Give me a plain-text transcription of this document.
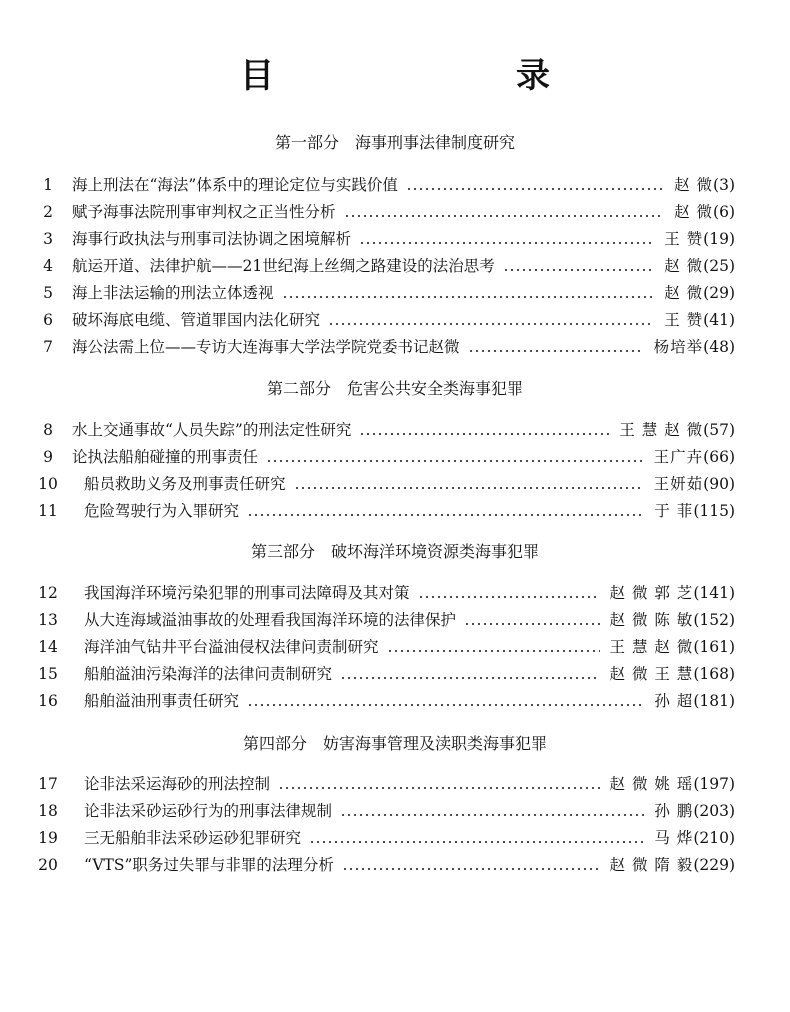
目　　录
第一部分 海事刑事法律制度研究
1	海上刑法在“海法”体系中的理论定位与实践价值	赵 微 (3)
2	赋予海事法院刑事审判权之正当性分析	赵 微 (6)
3	海事行政执法与刑事司法协调之困境解析	王 赞 (19)
4	航运开道、法律护航——21世纪海上丝绸之路建设的法治思考	赵 微 (25)
5	海上非法运输的刑法立体透视	赵 微 (29)
6	破坏海底电缆、管道罪国内法化研究	王 赞 (41)
7	海公法需上位——专访大连海事大学法学院党委书记赵微	杨培举 (48)
第二部分 危害公共安全类海事犯罪
8	水上交通事故“人员失踪”的刑法定性研究	王 慧 赵 微 (57)
9	论执法船舶碰撞的刑事责任	王广卉 (66)
10 船员救助义务及刑事责任研究	王妍茹 (90)
11 危险驾驶行为入罪研究	于 菲 (115)
第三部分 破坏海洋环境资源类海事犯罪
12 我国海洋环境污染犯罪的刑事司法障碍及其对策	赵 微 郭 芝 (141)
13 从大连海域溢油事故的处理看我国海洋环境的法律保护	赵 微 陈 敏 (152)
14 海洋油气钻井平台溢油侵权法律问责制研究	王 慧 赵 微 (161)
15 船舶溢油污染海洋的法律问责制研究	赵 微 王 慧 (168)
16 船舶溢油刑事责任研究	孙 超 (181)
第四部分 妨害海事管理及渎职类海事犯罪
17 论非法采运海砂的刑法控制	赵 微 姚 瑶 (197)
18 论非法采砂运砂行为的刑事法律规制	孙 鹏 (203)
19 三无船舶非法采砂运砂犯罪研究	马 烨 (210)
20 “VTS”职务过失罪与非罪的法理分析	赵 微 隋 毅 (229)
